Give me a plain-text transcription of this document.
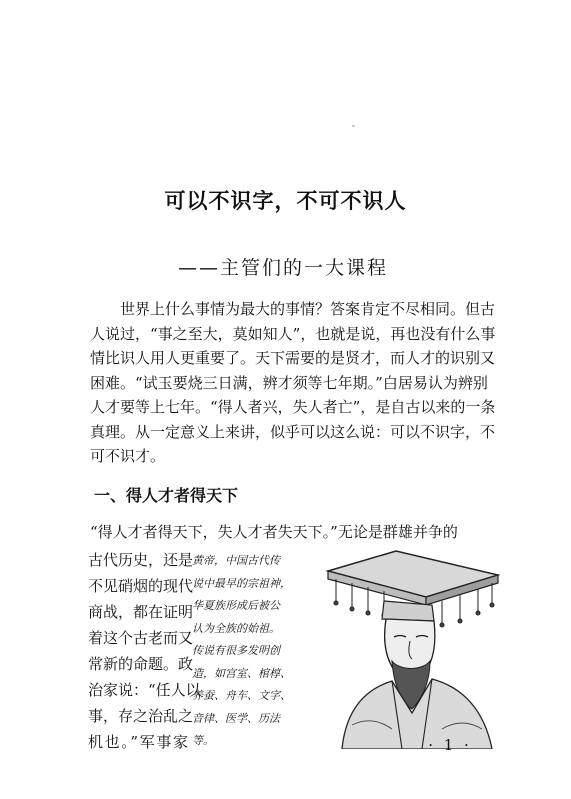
可以不识字，不可不识人
——主管们的一大课程
世界上什么事情为最大的事情？答案肯定不尽相同。但古
人说过，“事之至大，莫如知人”，也就是说，再也没有什么事
情比识人用人更重要了。天下需要的是贤才，而人才的识别又
困难。“试玉要烧三日满，辨才须等七年期。”白居易认为辨别
人才要等上七年。“得人者兴，失人者亡”，是自古以来的一条
真理。从一定意义上来讲，似乎可以这么说：可以不识字，不
可不识才。
一、得人才者得天下
“得人才者得天下，失人才者失天下。”无论是群雄并争的
古代历史，还是
不见硝烟的现代
商战，都在证明
着这个古老而又
常新的命题。政
治家说：“任人以
事，存之治乱之
机也。”军事家
黄帝，中国古代传
说中最早的宗祖神，
华夏族形成后被公
认为全族的始祖。
传说有很多发明创
造，如宫室、棺椁、
养蚕、舟车、文字、
音律、医学、历法
等。	· 1 ·
